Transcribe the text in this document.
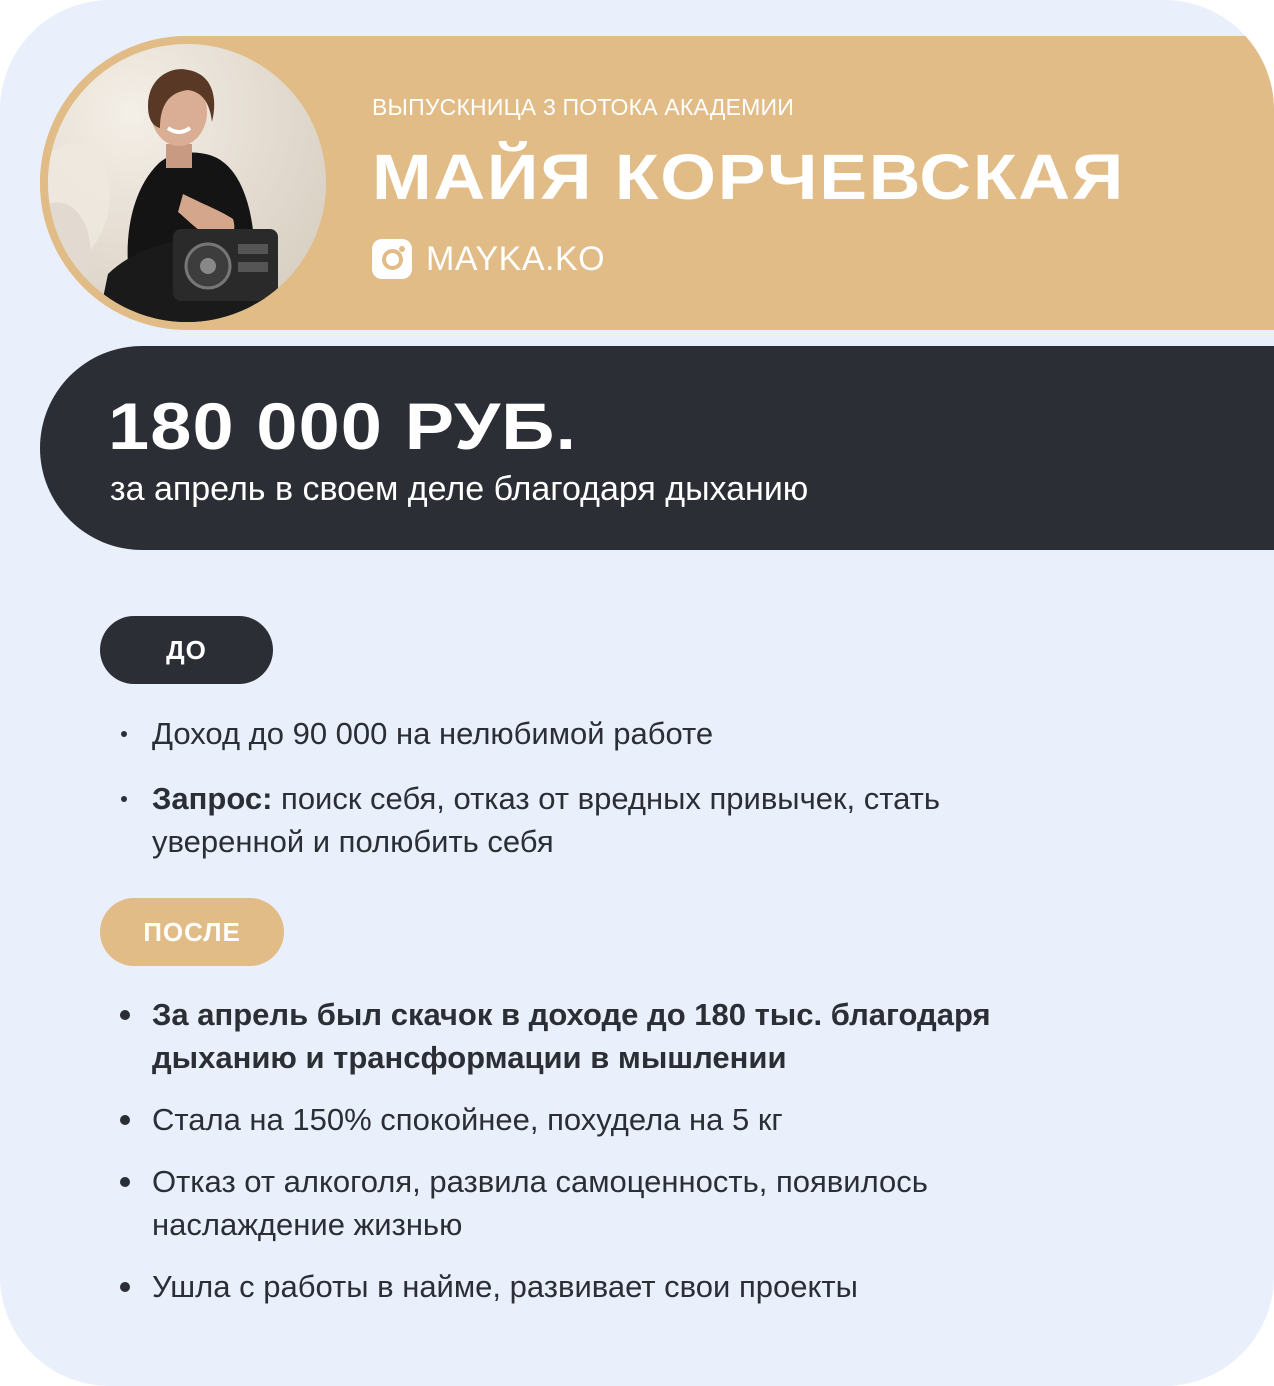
ВЫПУСКНИЦА 3 ПОТОКА АКАДЕМИИ
МАЙЯ КОРЧЕВСКАЯ
MAYKA.KO
180 000 РУБ.
за апрель в своем деле благодаря дыханию
ДО
Доход до 90 000 на нелюбимой работе
Запрос: поиск себя, отказ от вредных привычек, стать уверенной и полюбить себя
ПОСЛЕ
За апрель был скачок в доходе до 180 тыс. благодаря дыханию и трансформации в мышлении
Стала на 150% спокойнее, похудела на 5 кг
Отказ от алкоголя, развила самоценность, появилось наслаждение жизнью
Ушла с работы в найме, развивает свои проекты
